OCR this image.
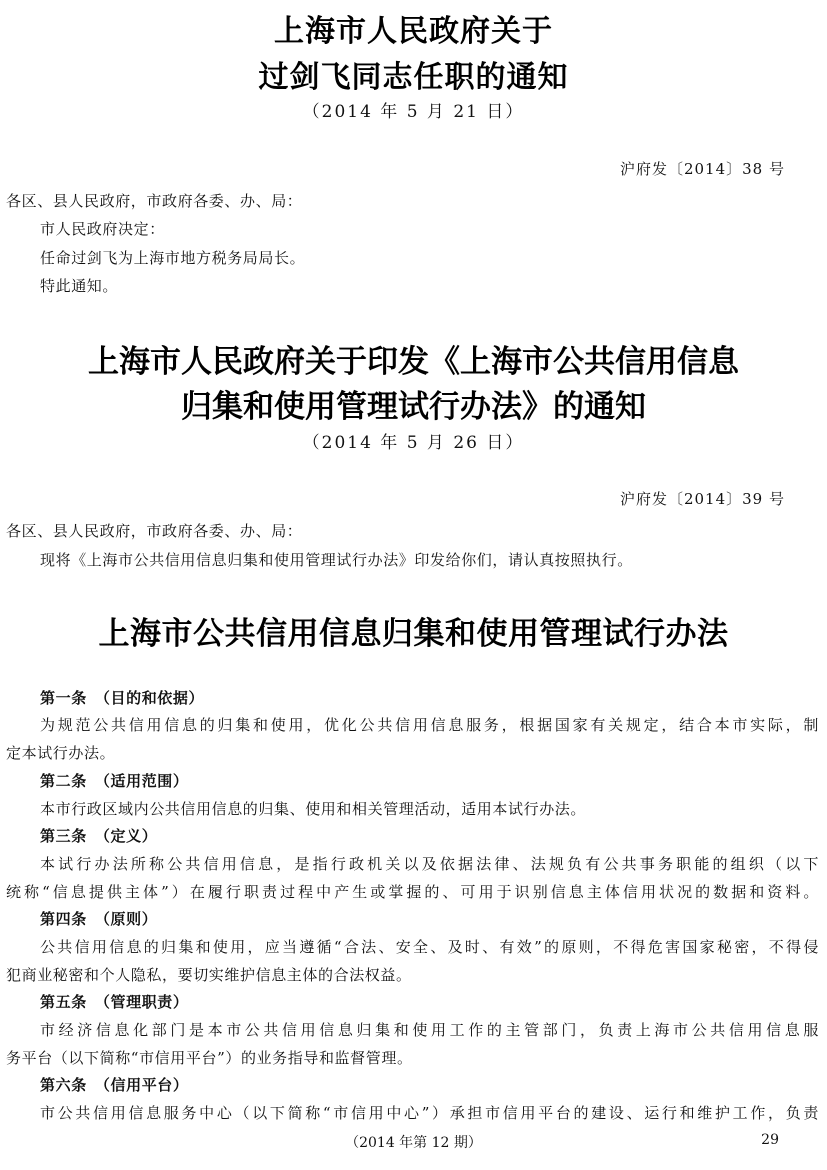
上海市人民政府关于
过剑飞同志任职的通知
（2014 年 5 月 21 日）
沪府发〔2014〕38 号
各区、县人民政府，市政府各委、办、局：
市人民政府决定：
任命过剑飞为上海市地方税务局局长。
特此通知。
上海市人民政府关于印发《上海市公共信用信息
归集和使用管理试行办法》的通知
（2014 年 5 月 26 日）
沪府发〔2014〕39 号
各区、县人民政府，市政府各委、办、局：
现将《上海市公共信用信息归集和使用管理试行办法》印发给你们，请认真按照执行。
上海市公共信用信息归集和使用管理试行办法
第一条　（目的和依据）
为规范公共信用信息的归集和使用，优化公共信用信息服务，根据国家有关规定，结合本市实际，制
定本试行办法。
第二条　（适用范围）
本市行政区域内公共信用信息的归集、使用和相关管理活动，适用本试行办法。
第三条　（定义）
本试行办法所称公共信用信息，是指行政机关以及依据法律、法规负有公共事务职能的组织（以下
统称“信息提供主体”）在履行职责过程中产生或掌握的、可用于识别信息主体信用状况的数据和资料。
第四条　（原则）
公共信用信息的归集和使用，应当遵循“合法、安全、及时、有效”的原则，不得危害国家秘密，不得侵
犯商业秘密和个人隐私，要切实维护信息主体的合法权益。
第五条　（管理职责）
市经济信息化部门是本市公共信用信息归集和使用工作的主管部门，负责上海市公共信用信息服
务平台（以下简称“市信用平台”）的业务指导和监督管理。
第六条　（信用平台）
市公共信用信息服务中心（以下简称“市信用中心”）承担市信用平台的建设、运行和维护工作，负责
（2014 年第 12 期）	29
